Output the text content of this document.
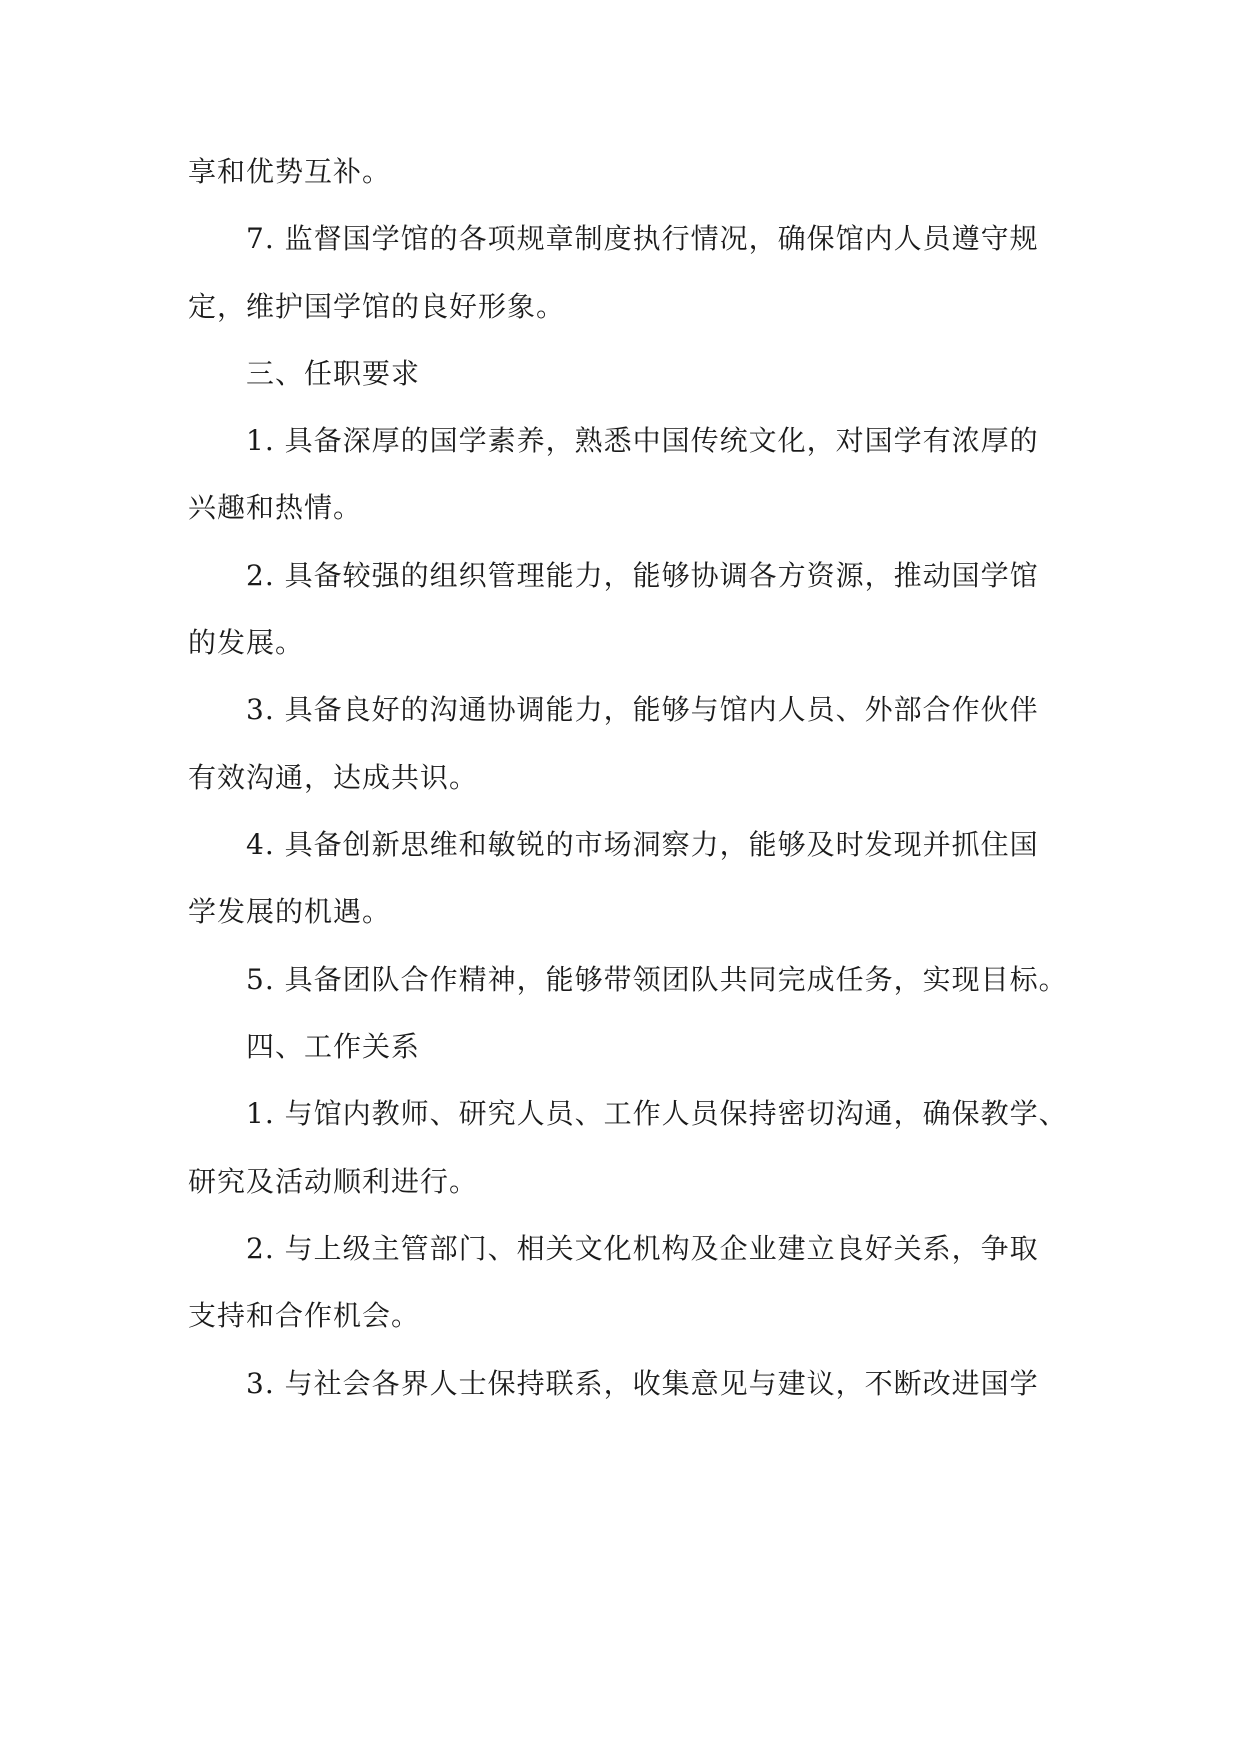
享和优势互补。
7. 监督国学馆的各项规章制度执行情况，确保馆内人员遵守规
定，维护国学馆的良好形象。
三、任职要求
1. 具备深厚的国学素养，熟悉中国传统文化，对国学有浓厚的
兴趣和热情。
2. 具备较强的组织管理能力，能够协调各方资源，推动国学馆
的发展。
3. 具备良好的沟通协调能力，能够与馆内人员、外部合作伙伴
有效沟通，达成共识。
4. 具备创新思维和敏锐的市场洞察力，能够及时发现并抓住国
学发展的机遇。
5. 具备团队合作精神，能够带领团队共同完成任务，实现目标。
四、工作关系
1. 与馆内教师、研究人员、工作人员保持密切沟通，确保教学、
研究及活动顺利进行。
2. 与上级主管部门、相关文化机构及企业建立良好关系，争取
支持和合作机会。
3. 与社会各界人士保持联系，收集意见与建议，不断改进国学
